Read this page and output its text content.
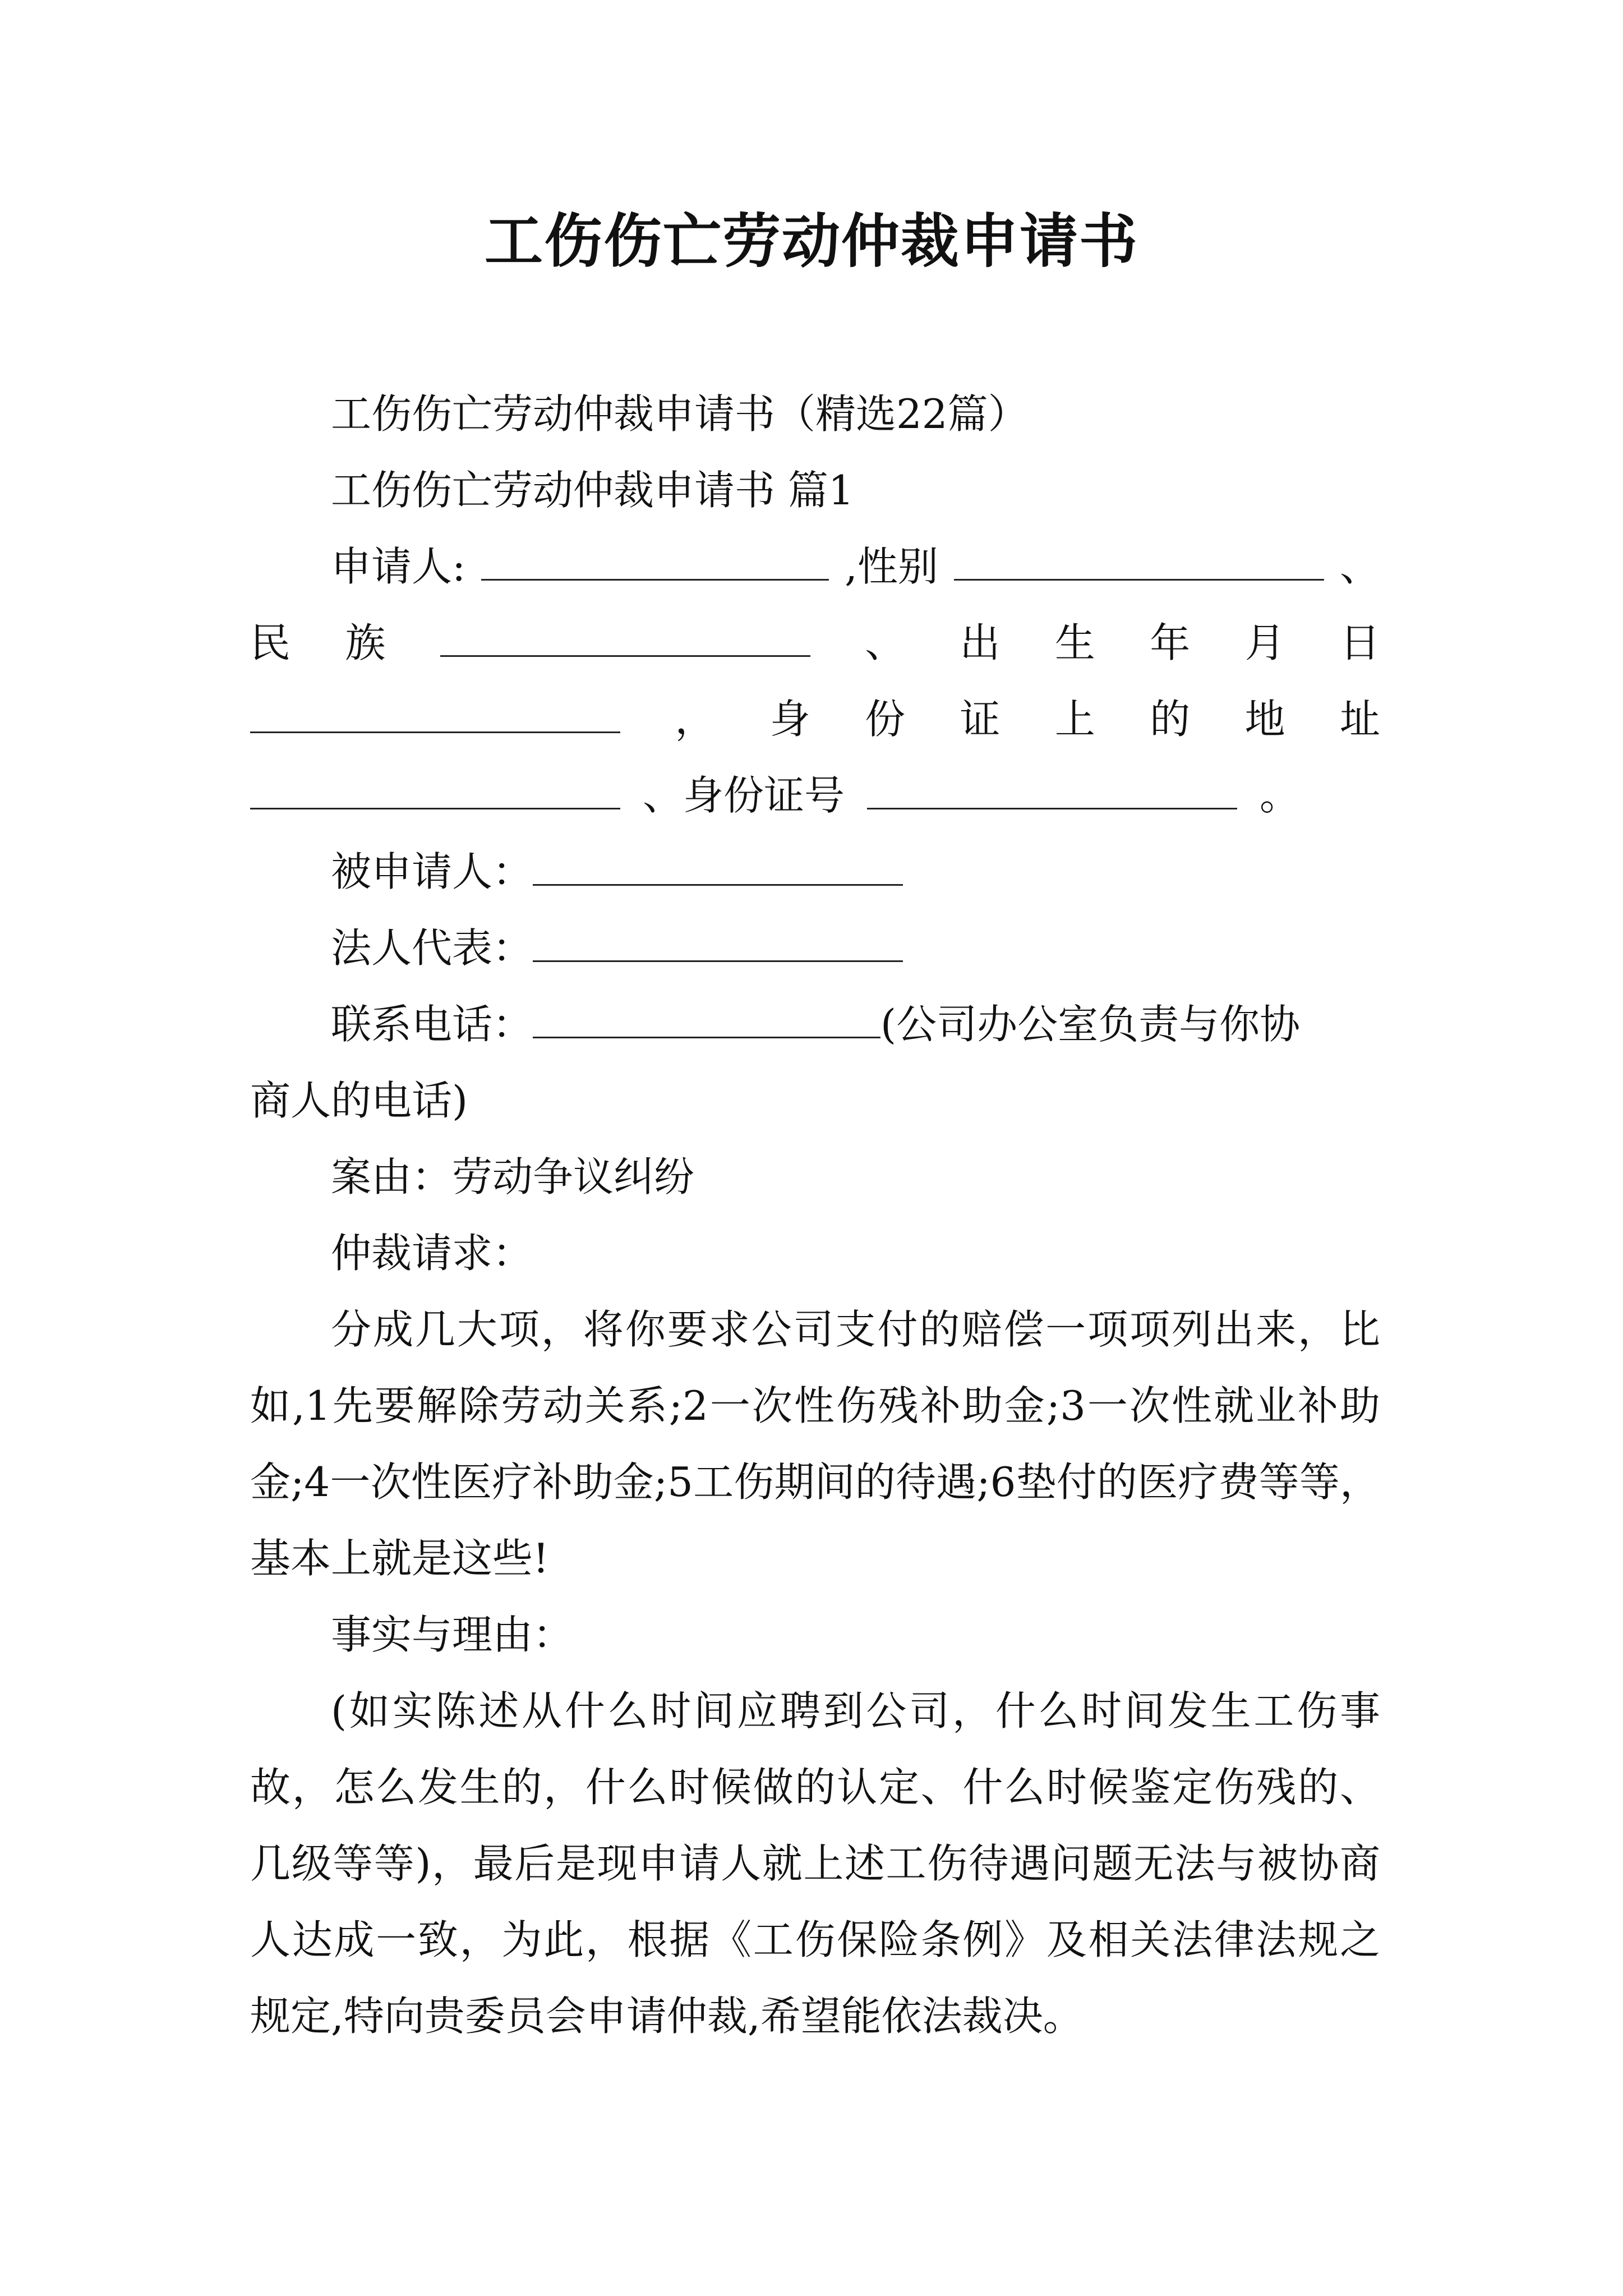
工伤伤亡劳动仲裁申请书

工伤伤亡劳动仲裁申请书（精选22篇）

工伤伤亡劳动仲裁申请书 篇1

申请人:	,性别	、
民 族	、 出 生 年 月 日
， 身 份 证 上 的 地 址
、身份证号	。

被申请人：

法人代表：

联系电话：	(公司办公室负责与你协

商人的电话)

案由：劳动争议纠纷

仲裁请求：

分成几大项，将你要求公司支付的赔偿一项项列出来，比如,1先要解除劳动关系;2一次性伤残补助金;3一次性就业补助金;4一次性医疗补助金;5工伤期间的待遇;6垫付的医疗费等等，基本上就是这些!

事实与理由：

(如实陈述从什么时间应聘到公司，什么时间发生工伤事故，怎么发生的，什么时候做的认定、什么时候鉴定伤残的、几级等等)，最后是现申请人就上述工伤待遇问题无法与被协商人达成一致，为此，根据《工伤保险条例》及相关法律法规之规定,特向贵委员会申请仲裁,希望能依法裁决。
